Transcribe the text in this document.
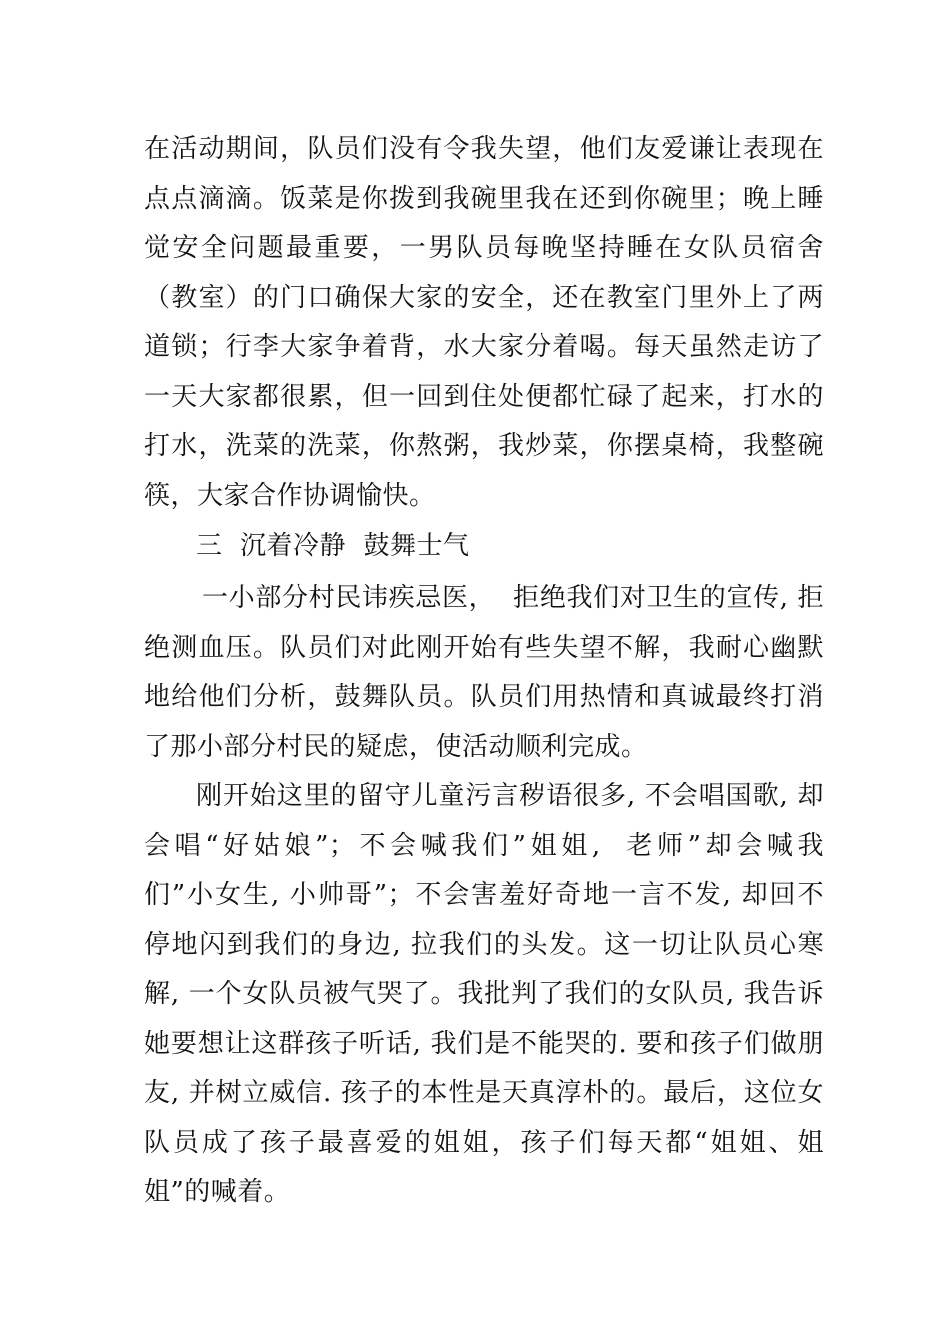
在活动期间，队员们没有令我失望，他们友爱谦让表现在
点点滴滴。饭菜是你拨到我碗里我在还到你碗里；晚上睡
觉安全问题最重要，一男队员每晚坚持睡在女队员宿舍
（教室）的门口确保大家的安全，还在教室门里外上了两
道锁；行李大家争着背，水大家分着喝。每天虽然走访了
一天大家都很累，但一回到住处便都忙碌了起来，打水的
打水，洗菜的洗菜，你熬粥，我炒菜，你摆桌椅，我整碗
筷，大家合作协调愉快。
三  沉着冷静  鼓舞士气
一小部分村民讳疾忌医，  拒绝我们对卫生的宣传, 拒
绝测血压。队员们对此刚开始有些失望不解，我耐心幽默
地给他们分析，鼓舞队员。队员们用热情和真诚最终打消
了那小部分村民的疑虑，使活动顺利完成。
刚开始这里的留守儿童污言秽语很多, 不会唱国歌, 却
会唱“好姑娘”；不会喊我们”姐姐,  老师”却会喊我
们”小女生, 小帅哥”；不会害羞好奇地一言不发, 却回不
停地闪到我们的身边, 拉我们的头发。这一切让队员心寒
解, 一个女队员被气哭了。我批判了我们的女队员, 我告诉
她要想让这群孩子听话, 我们是不能哭的. 要和孩子们做朋
友, 并树立威信. 孩子的本性是天真淳朴的。最后，这位女
队员成了孩子最喜爱的姐姐，孩子们每天都“姐姐、姐
姐”的喊着。
